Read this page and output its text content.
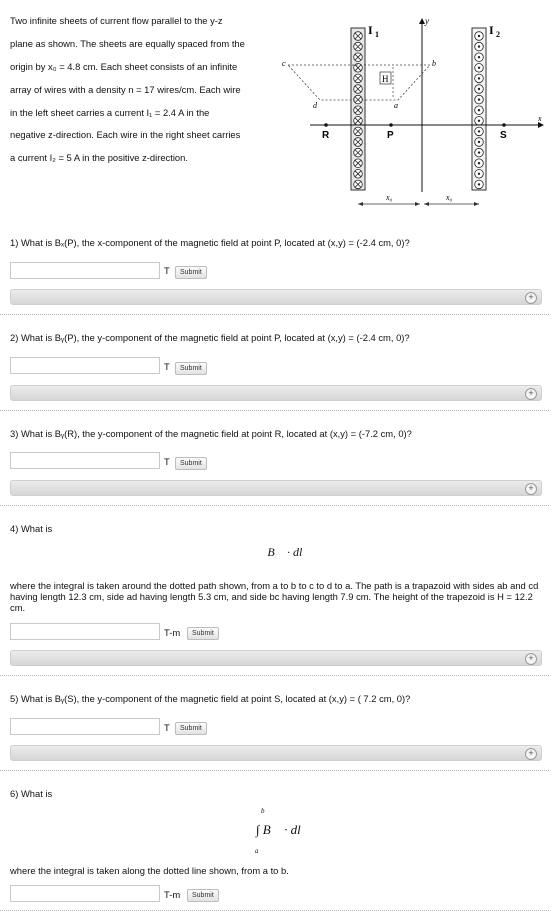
Two infinite sheets of current flow parallel to the y-z

plane as shown. The sheets are equally spaced from the

origin by x₀ = 4.8 cm. Each sheet consists of an infinite

array of wires with a density n = 17 wires/cm. Each wire

in the left sheet carries a current I₁ = 2.4 A in the

negative z-direction. Each wire in the right sheet carries

a current I₂ = 5 A in the positive z-direction.

I 1	I 2
y
x
c	b
a
d
H
R	P	S
x₀	x₀
1) What is Bₓ(P), the x-component of the magnetic field at point P, located at (x,y) = (-2.4 cm, 0)?
T	Submit
+
2) What is Bᵧ(P), the y-component of the magnetic field at point P, located at (x,y) = (-2.4 cm, 0)?
T	Submit
+
3) What is Bᵧ(R), the y-component of the magnetic field at point R, located at (x,y) = (-7.2 cm, 0)?
T	Submit
+
4) What is
∮ B⃗ · dl⃗
where the integral is taken around the dotted path shown, from a to b to c to d to a. The path is a trapazoid with sides ab and cd having length 12.3 cm, side ad having length 5.3 cm, and side bc having length 7.9 cm. The height of the trapezoid is H = 12.2 cm.
T-m	Submit
+
5) What is Bᵧ(S), the y-component of the magnetic field at point S, located at (x,y) = ( 7.2 cm, 0)?
T	Submit
+
6) What is
b
∫ B⃗ · dl⃗
a
where the integral is taken along the dotted line shown, from a to b.
T-m	Submit
